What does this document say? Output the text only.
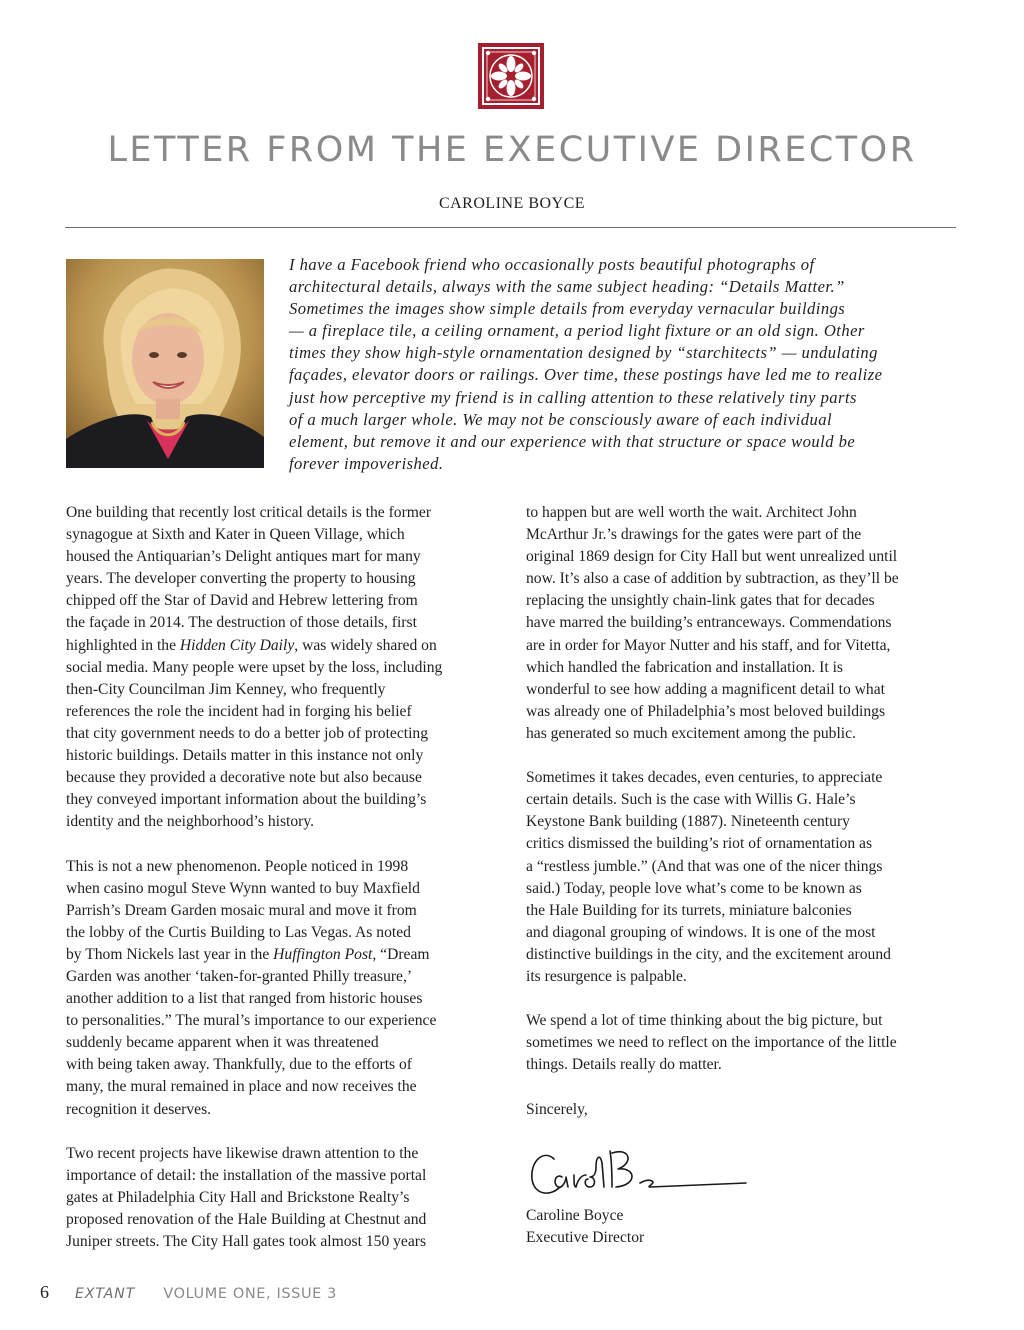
LETTER FROM THE EXECUTIVE DIRECTOR
CAROLINE BOYCE

I have a Facebook friend who occasionally posts beautiful photographs of
architectural details, always with the same subject heading: “Details Matter.”
Sometimes the images show simple details from everyday vernacular buildings
— a fireplace tile, a ceiling ornament, a period light fixture or an old sign. Other
times they show high-style ornamentation designed by “starchitects” — undulating
façades, elevator doors or railings. Over time, these postings have led me to realize
just how perceptive my friend is in calling attention to these relatively tiny parts
of a much larger whole. We may not be consciously aware of each individual
element, but remove it and our experience with that structure or space would be
forever impoverished.

One building that recently lost critical details is the former
synagogue at Sixth and Kater in Queen Village, which
housed the Antiquarian’s Delight antiques mart for many
years. The developer converting the property to housing
chipped off the Star of David and Hebrew lettering from
the façade in 2014. The destruction of those details, first
highlighted in the Hidden City Daily, was widely shared on
social media. Many people were upset by the loss, including
then-City Councilman Jim Kenney, who frequently
references the role the incident had in forging his belief
that city government needs to do a better job of protecting
historic buildings. Details matter in this instance not only
because they provided a decorative note but also because
they conveyed important information about the building’s
identity and the neighborhood’s history.

This is not a new phenomenon. People noticed in 1998
when casino mogul Steve Wynn wanted to buy Maxfield
Parrish’s Dream Garden mosaic mural and move it from
the lobby of the Curtis Building to Las Vegas. As noted
by Thom Nickels last year in the Huffington Post, “Dream
Garden was another ‘taken-for-granted Philly treasure,’
another addition to a list that ranged from historic houses
to personalities.” The mural’s importance to our experience
suddenly became apparent when it was threatened
with being taken away. Thankfully, due to the efforts of
many, the mural remained in place and now receives the
recognition it deserves.

Two recent projects have likewise drawn attention to the
importance of detail: the installation of the massive portal
gates at Philadelphia City Hall and Brickstone Realty’s
proposed renovation of the Hale Building at Chestnut and
Juniper streets. The City Hall gates took almost 150 years

to happen but are well worth the wait. Architect John
McArthur Jr.’s drawings for the gates were part of the
original 1869 design for City Hall but went unrealized until
now. It’s also a case of addition by subtraction, as they’ll be
replacing the unsightly chain-link gates that for decades
have marred the building’s entranceways. Commendations
are in order for Mayor Nutter and his staff, and for Vitetta,
which handled the fabrication and installation. It is
wonderful to see how adding a magnificent detail to what
was already one of Philadelphia’s most beloved buildings
has generated so much excitement among the public.

Sometimes it takes decades, even centuries, to appreciate
certain details. Such is the case with Willis G. Hale’s
Keystone Bank building (1887). Nineteenth century
critics dismissed the building’s riot of ornamentation as
a “restless jumble.” (And that was one of the nicer things
said.) Today, people love what’s come to be known as
the Hale Building for its turrets, miniature balconies
and diagonal grouping of windows. It is one of the most
distinctive buildings in the city, and the excitement around
its resurgence is palpable.

We spend a lot of time thinking about the big picture, but
sometimes we need to reflect on the importance of the little
things. Details really do matter.

Sincerely,

Caroline Boyce
Executive Director
6 EXTANT VOLUME ONE, ISSUE 3
